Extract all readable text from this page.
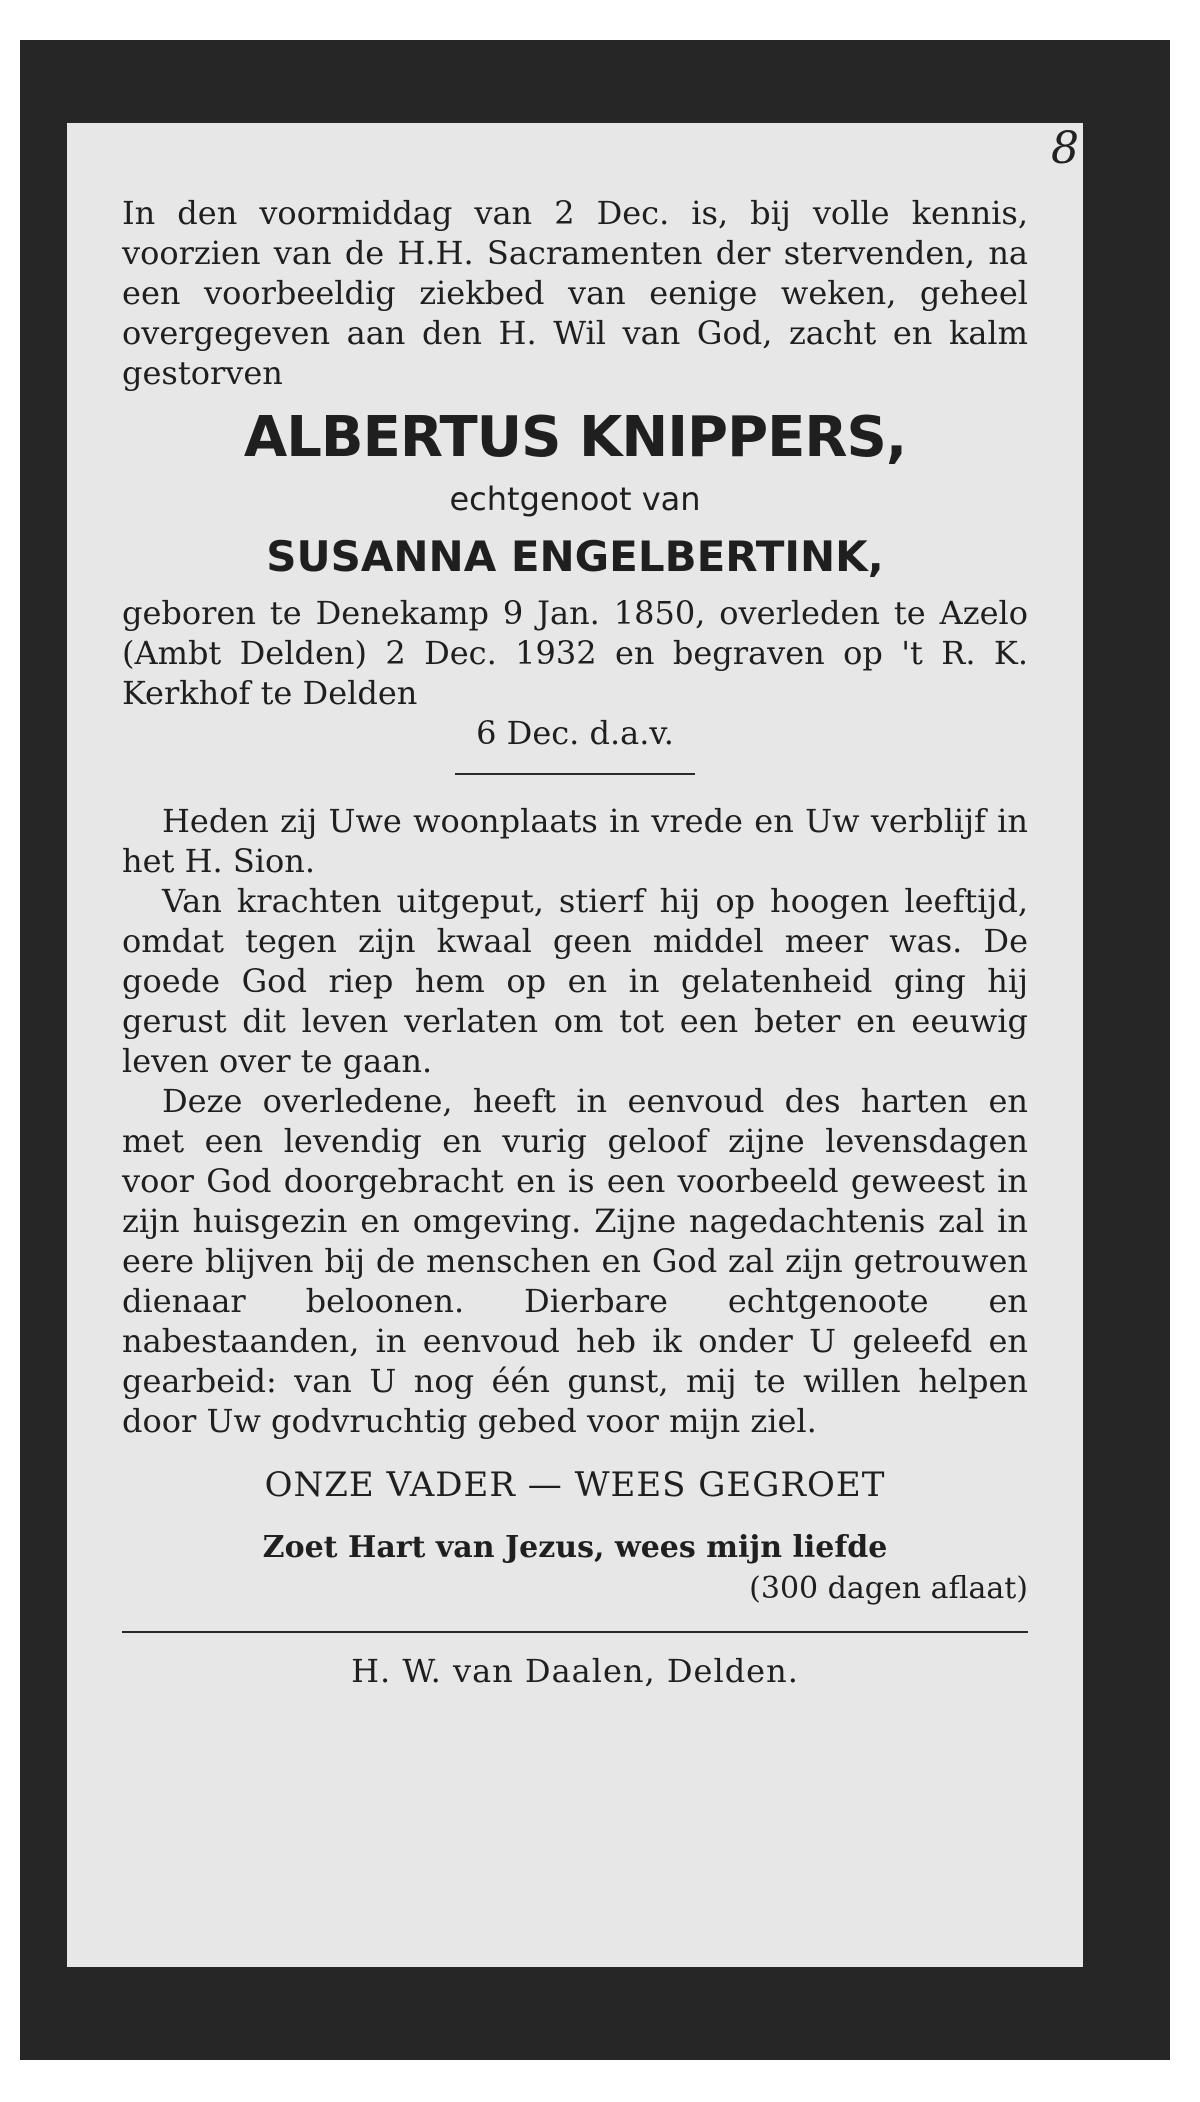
8

In den voormiddag van 2 Dec. is, bij volle kennis, voorzien van de H.H. Sacramenten der stervenden, na een voorbeeldig ziekbed van eenige weken, geheel overgegeven aan den H. Wil van God, zacht en kalm gestorven

ALBERTUS KNIPPERS,
echtgenoot van
SUSANNA ENGELBERTINK,

geboren te Denekamp 9 Jan. 1850, overleden te Azelo (Ambt Delden) 2 Dec. 1932 en begraven op 't R. K. Kerkhof te Delden

6 Dec. d.a.v.

Heden zij Uwe woonplaats in vrede en Uw verblijf in het H. Sion.

Van krachten uitgeput, stierf hij op hoogen leeftijd, omdat tegen zijn kwaal geen middel meer was. De goede God riep hem op en in gelatenheid ging hij gerust dit leven verlaten om tot een beter en eeuwig leven over te gaan.

Deze overledene, heeft in eenvoud des harten en met een levendig en vurig geloof zijne levensdagen voor God doorgebracht en is een voorbeeld geweest in zijn huisgezin en omgeving. Zijne nagedachtenis zal in eere blijven bij de menschen en God zal zijn getrouwen dienaar beloonen. Dierbare echtgenoote en nabestaanden, in eenvoud heb ik onder U geleefd en gearbeid: van U nog één gunst, mij te willen helpen door Uw godvruchtig gebed voor mijn ziel.

ONZE VADER — WEES GEGROET
Zoet Hart van Jezus, wees mijn liefde

(300 dagen aflaat)

H. W. van Daalen, Delden.
